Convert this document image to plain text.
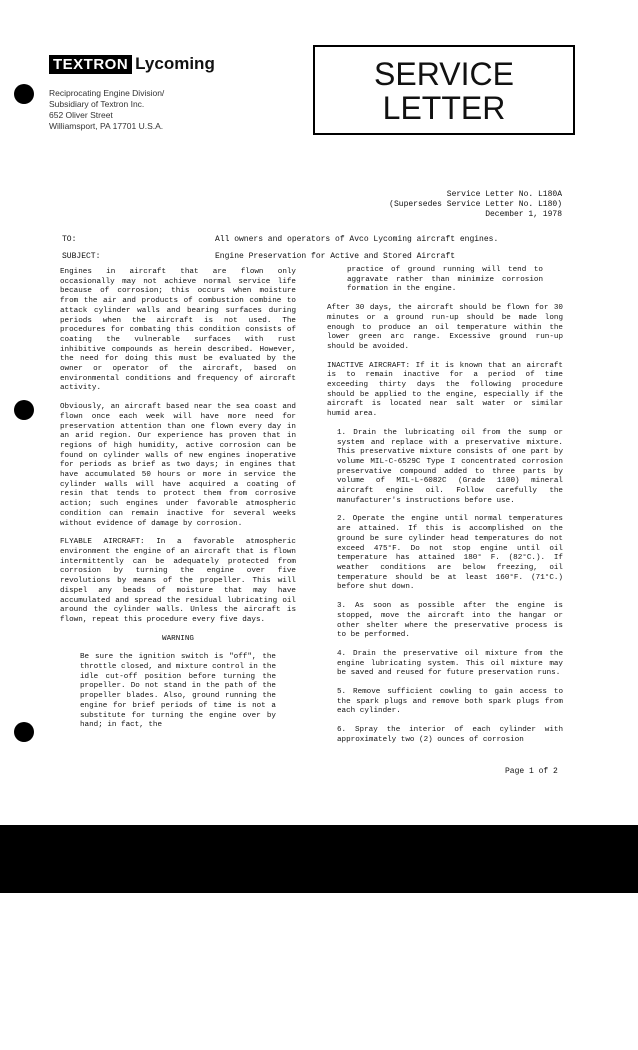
TEXTRON Lycoming
Reciprocating Engine Division/
Subsidiary of Textron Inc.
652 Oliver Street
Williamsport, PA 17701 U.S.A.
SERVICE
LETTER
Service Letter No. L180A
(Supersedes Service Letter No. L180)
December 1, 1978
TO:	All owners and operators of Avco Lycoming aircraft engines.
SUBJECT:	Engine Preservation for Active and Stored Aircraft

Engines in aircraft that are flown only occasionally may not achieve normal service life because of corrosion; this occurs when moisture from the air and products of combustion combine to attack cylinder walls and bearing surfaces during periods when the aircraft is not used. The procedures for combating this condition consists of coating the vulnerable surfaces with rust inhibitive compounds as herein described. However, the need for doing this must be evaluated by the owner or operator of the aircraft, based on environmental conditions and frequency of aircraft activity.

Obviously, an aircraft based near the sea coast and flown once each week will have more need for preservation attention than one flown every day in an arid region. Our experience has proven that in regions of high humidity, active corrosion can be found on cylinder walls of new engines inoperative for periods as brief as two days; in engines that have accumulated 50 hours or more in service the cylinder walls will have acquired a coating of resin that tends to protect them from corrosive action; such engines under favorable atmospheric condition can remain inactive for several weeks without evidence of damage by corrosion.

FLYABLE AIRCRAFT: In a favorable atmospheric environment the engine of an aircraft that is flown intermittently can be adequately protected from corrosion by turning the engine over five revolutions by means of the propeller. This will dispel any beads of moisture that may have accumulated and spread the residual lubricating oil around the cylinder walls. Unless the aircraft is flown, repeat this procedure every five days.

WARNING

Be sure the ignition switch is "off", the throttle closed, and mixture control in the idle cut-off position before turning the propeller. Do not stand in the path of the propeller blades. Also, ground running the engine for brief periods of time is not a substitute for turning the engine over by hand; in fact, the

practice of ground running will tend to aggravate rather than minimize corrosion formation in the engine.

After 30 days, the aircraft should be flown for 30 minutes or a ground run-up should be made long enough to produce an oil temperature within the lower green arc range. Excessive ground run-up should be avoided.

INACTIVE AIRCRAFT: If it is known that an aircraft is to remain inactive for a period of time exceeding thirty days the following procedure should be applied to the engine, especially if the aircraft is located near salt water or similar humid area.

1. Drain the lubricating oil from the sump or system and replace with a preservative mixture. This preservative mixture consists of one part by volume MIL-C-6529C Type I concentrated corrosion preservative compound added to three parts by volume of MIL-L-6082C (Grade 1100) mineral aircraft engine oil. Follow carefully the manufacturer's instructions before use.

2. Operate the engine until normal temperatures are attained. If this is accomplished on the ground be sure cylinder head temperatures do not exceed 475°F. Do not stop engine until oil temperature has attained 180° F. (82°C.). If weather conditions are below freezing, oil temperature should be at least 160°F. (71°C.) before shut down.

3. As soon as possible after the engine is stopped, move the aircraft into the hangar or other shelter where the preservative process is to be performed.

4. Drain the preservative oil mixture from the engine lubricating system. This oil mixture may be saved and reused for future preservation runs.

5. Remove sufficient cowling to gain access to the spark plugs and remove both spark plugs from each cylinder.

6. Spray the interior of each cylinder with approximately two (2) ounces of corrosion

Page 1 of 2
